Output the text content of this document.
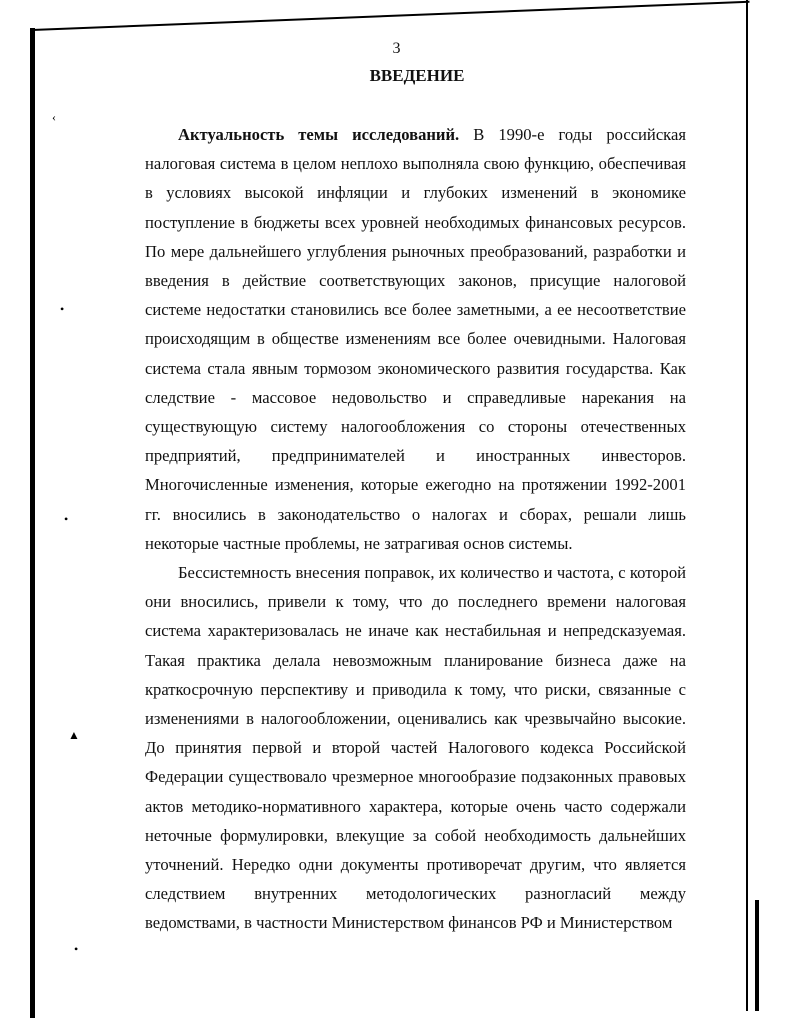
‹
•
•
▲
•
3
ВВЕДЕНИЕ
Актуальность темы исследований. В 1990-е годы российская
налоговая система в целом неплохо выполняла свою функцию, обеспечивая
в условиях высокой инфляции и глубоких изменений в экономике
поступление в бюджеты всех уровней необходимых финансовых ресурсов.
По мере дальнейшего углубления рыночных преобразований, разработки и
введения в действие соответствующих законов, присущие налоговой
системе недостатки становились все более заметными, а ее несоответствие
происходящим в обществе изменениям все более очевидными. Налоговая
система стала явным тормозом экономического развития государства. Как
следствие - массовое недовольство и справедливые нарекания на
существующую систему налогообложения со стороны отечественных
предприятий, предпринимателей и иностранных инвесторов.
Многочисленные изменения, которые ежегодно на протяжении 1992-2001
гг. вносились в законодательство о налогах и сборах, решали лишь
некоторые частные проблемы, не затрагивая основ системы.
Бессистемность внесения поправок, их количество и частота, с которой
они вносились, привели к тому, что до последнего времени налоговая
система характеризовалась не иначе как нестабильная и непредсказуемая.
Такая практика делала невозможным планирование бизнеса даже на
краткосрочную перспективу и приводила к тому, что риски, связанные с
изменениями в налогообложении, оценивались как чрезвычайно высокие.
До принятия первой и второй частей Налогового кодекса Российской
Федерации существовало чрезмерное многообразие подзаконных правовых
актов методико-нормативного характера, которые очень часто содержали
неточные формулировки, влекущие за собой необходимость дальнейших
уточнений. Нередко одни документы противоречат другим, что является
следствием внутренних методологических разногласий между
ведомствами, в частности Министерством финансов РФ и Министерством
